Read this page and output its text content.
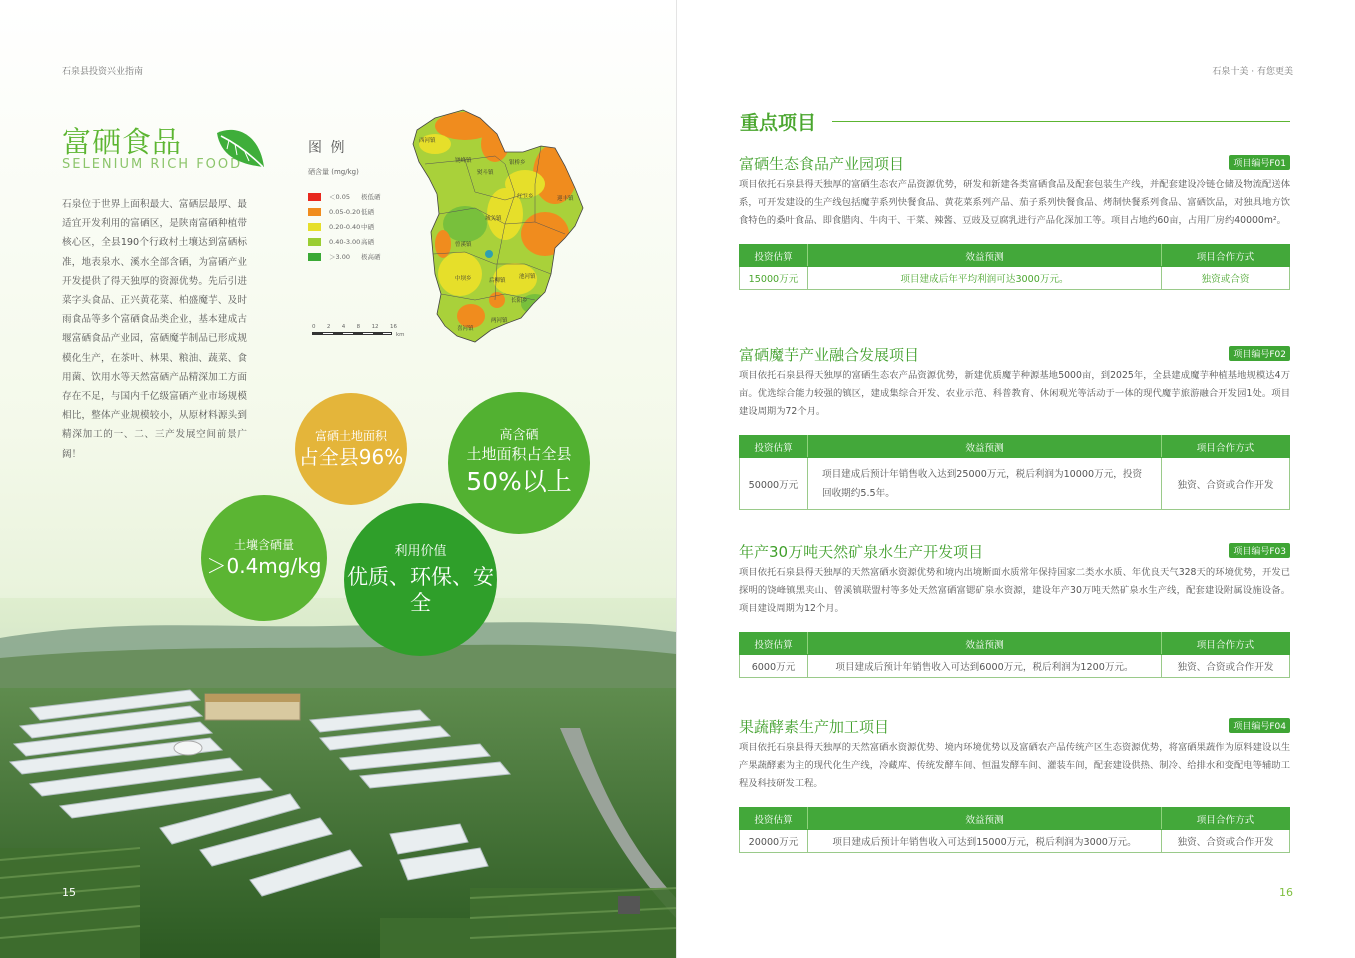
石泉县投资兴业指南
富硒食品
SELENIUM RICH FOOD

石泉位于世界上面积最大、富硒层最厚、最适宜开发利用的富硒区，是陕南富硒种植带核心区，全县190个行政村土壤达到富硒标准，地表泉水、溪水全部含硒，为富硒产业开发提供了得天独厚的资源优势。先后引进菜字头食品、正兴黄花菜、柏盛魔芋、及时雨食品等多个富硒食品类企业，基本建成古堰富硒食品产业园，富硒魔芋制品已形成规模化生产，在茶叶、林果、粮油、蔬菜、食用菌、饮用水等天然富硒产品精深加工方面存在不足，与国内千亿级富硒产业市场规模相比，整体产业规模较小，从原材料源头到精深加工的一、二、三产发展空间前景广阔！

图 例
硒含量 (mg/kg)
＜0.05	极低硒
0.05-0.20 低硒
0.20-0.40 中硒
0.40-3.00 高硒
＞3.00	极高硒
0 2 4 8 12 16
km
西河镇
饶峰镇	银桥乡
红卫乡	迎丰镇
熨斗镇
城关镇
曾溪镇
中坝乡	后柳镇
池河镇
长阳乡
喜河镇
两河镇
富硒土地面积
占全县96%
高含硒
土地面积占全县
50%以上
土壤含硒量
＞0.4mg/kg
利用价值
优质、环保、安全
15
石泉十美 · 有您更美
重点项目
富硒生态食品产业园项目	项目编号F01

项目依托石泉县得天独厚的富硒生态农产品资源优势，研发和新建各类富硒食品及配套包装生产线，并配套建设冷链仓储及物流配送体系，可开发建设的生产线包括魔芋系列快餐食品、黄花菜系列产品、茄子系列快餐食品、烤制快餐系列食品、富硒饮品，对独具地方饮食特色的桑叶食品、即食腊肉、牛肉干、干菜、辣酱、豆豉及豆腐乳进行产品化深加工等。项目占地约60亩，占用厂房约40000m²。

投资估算	效益预测	项目合作方式
15000万元	项目建成后年平均利润可达3000万元。	独资或合资
富硒魔芋产业融合发展项目	项目编号F02

项目依托石泉县得天独厚的富硒生态农产品资源优势，新建优质魔芋种源基地5000亩，到2025年，全县建成魔芋种植基地规模达4万亩。优选综合能力较强的镇区，建成集综合开发、农业示范、科普教育、休闲观光等活动于一体的现代魔芋旅游融合开发园1处。项目建设周期为72个月。

投资估算	效益预测	项目合作方式
50000万元	项目建成后预计年销售收入达到25000万元，税后利润为10000万元，投资回收期约5.5年。	独资、合资或合作开发
年产30万吨天然矿泉水生产开发项目	项目编号F03

项目依托石泉县得天独厚的天然富硒水资源优势和境内出境断面水质常年保持国家二类水水质、年优良天气328天的环境优势，开发已探明的饶峰镇黑夹山、曾溪镇联盟村等多处天然富硒富锶矿泉水资源，建设年产30万吨天然矿泉水生产线，配套建设附属设施设备。项目建设周期为12个月。

投资估算	效益预测	项目合作方式
6000万元	项目建成后预计年销售收入可达到6000万元，税后利润为1200万元。	独资、合资或合作开发
果蔬酵素生产加工项目	项目编号F04

项目依托石泉县得天独厚的天然富硒水资源优势、境内环境优势以及富硒农产品传统产区生态资源优势，将富硒果蔬作为原料建设以生产果蔬酵素为主的现代化生产线，冷藏库、传统发酵车间、恒温发酵车间、灌装车间，配套建设供热、制冷、给排水和变配电等辅助工程及科技研发工程。

投资估算	效益预测	项目合作方式
20000万元	项目建成后预计年销售收入可达到15000万元，税后利润为3000万元。	独资、合资或合作开发
16
